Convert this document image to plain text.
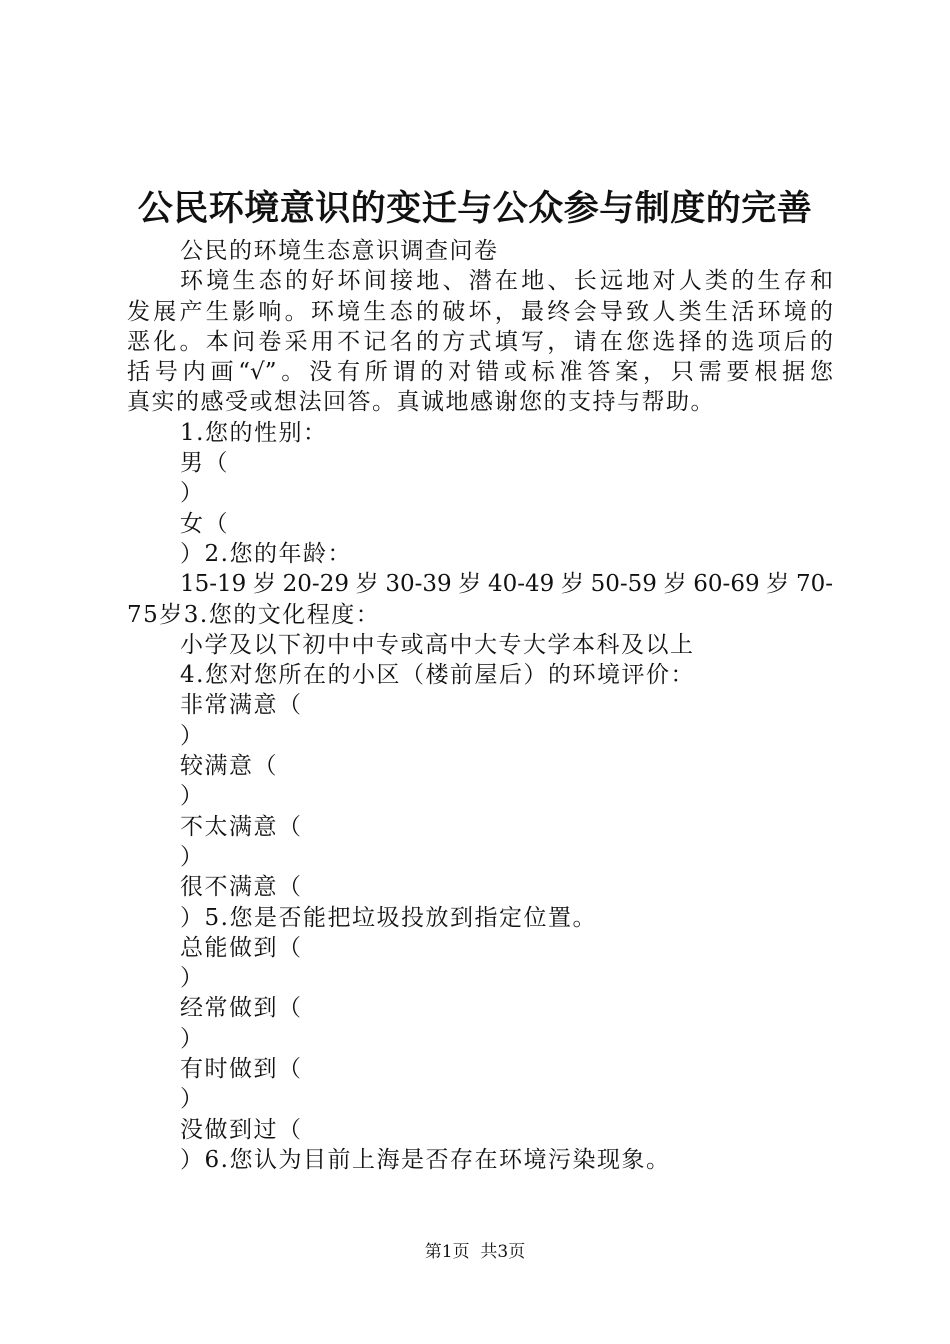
公民环境意识的变迁与公众参与制度的完善
公民的环境生态意识调查问卷
环境生态的好坏间接地、潜在地、长远地对人类的生存和
发展产生影响。环境生态的破坏，最终会导致人类生活环境的
恶化。本问卷采用不记名的方式填写，请在您选择的选项后的
括号内画“√”。没有所谓的对错或标准答案，只需要根据您
真实的感受或想法回答。真诚地感谢您的支持与帮助。
1.您的性别：
男（
）
女（
）2.您的年龄：
15-19岁20-29岁30-39岁40-49岁50-59岁60-69岁70-
75岁3.您的文化程度：
小学及以下初中中专或高中大专大学本科及以上
4.您对您所在的小区（楼前屋后）的环境评价：
非常满意（
）
较满意（
）
不太满意（
）
很不满意（
）5.您是否能把垃圾投放到指定位置。
总能做到（
）
经常做到（
）
有时做到（
）
没做到过（
）6.您认为目前上海是否存在环境污染现象。
第1页  共3页
